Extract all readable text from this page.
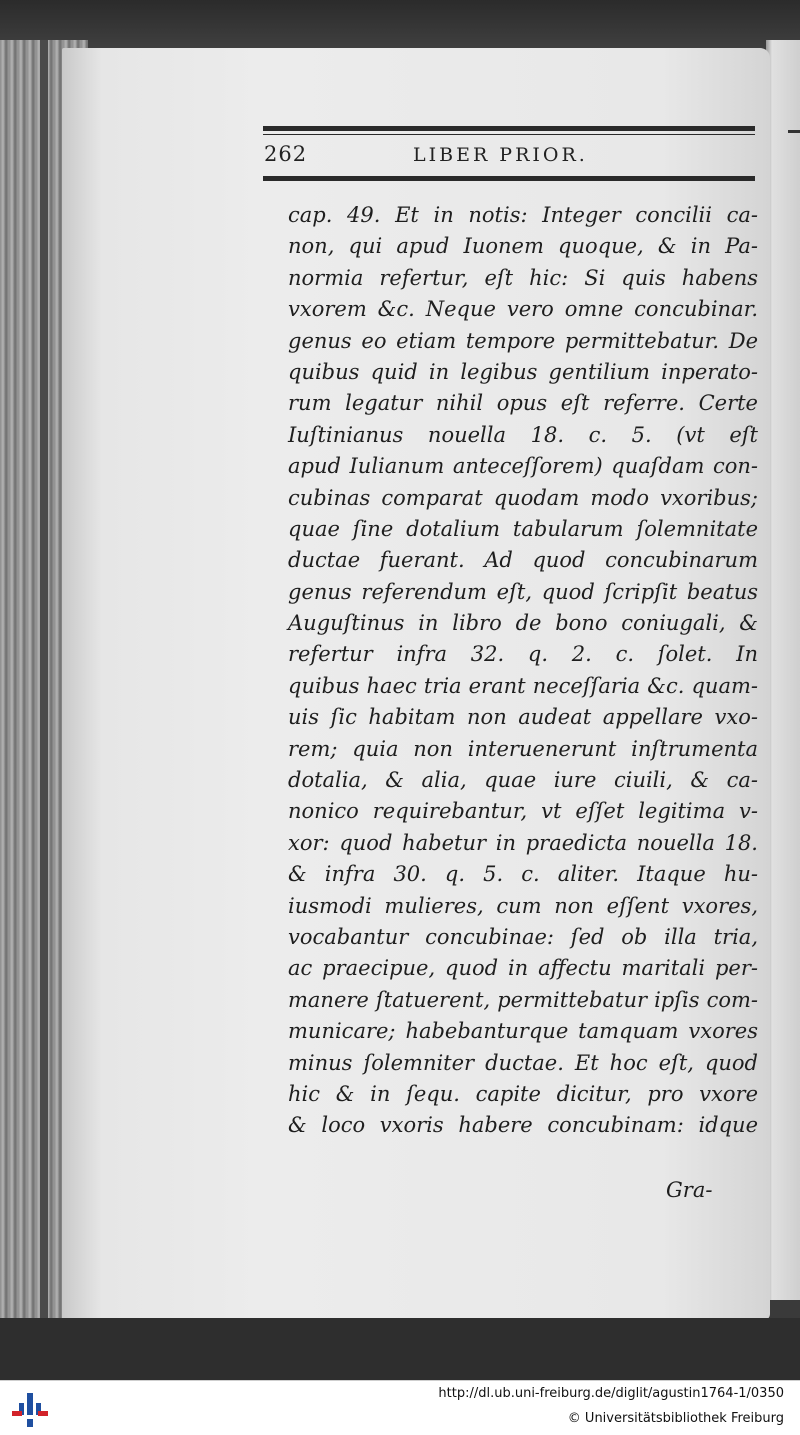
262	LIBER PRIOR.
cap. 49. Et in notis: Integer concilii ca-
non, qui apud Iuonem quoque, & in Pa-
normia refertur, eſt hic: Si quis habens
vxorem &c. Neque vero omne concubinar.
genus eo etiam tempore permittebatur. De
quibus quid in legibus gentilium inperato-
rum legatur nihil opus eſt referre. Certe
Iuſtinianus nouella 18. c. 5. (vt eſt
apud Iulianum anteceſſorem) quaſdam con-
cubinas comparat quodam modo vxoribus;
quae ſine dotalium tabularum ſolemnitate
ductae fuerant. Ad quod concubinarum
genus referendum eſt, quod ſcripſit beatus
Auguſtinus in libro de bono coniugali, &
refertur infra 32. q. 2. c. ſolet. In
quibus haec tria erant neceſſaria &c. quam-
uis ſic habitam non audeat appellare vxo-
rem; quia non interuenerunt inſtrumenta
dotalia, & alia, quae iure ciuili, & ca-
nonico requirebantur, vt eſſet legitima v-
xor: quod habetur in praedicta nouella 18.
& infra 30. q. 5. c. aliter. Itaque hu-
iusmodi mulieres, cum non eſſent vxores,
vocabantur concubinae: ſed ob illa tria,
ac praecipue, quod in affectu maritali per-
manere ſtatuerent, permittebatur ipſis com-
municare; habebanturque tamquam vxores
minus ſolemniter ductae. Et hoc eſt, quod
hic & in ſequ. capite dicitur, pro vxore
& loco vxoris habere concubinam: idque
Gra-
http://dl.ub.uni-freiburg.de/diglit/agustin1764-1/0350
© Universitätsbibliothek Freiburg
